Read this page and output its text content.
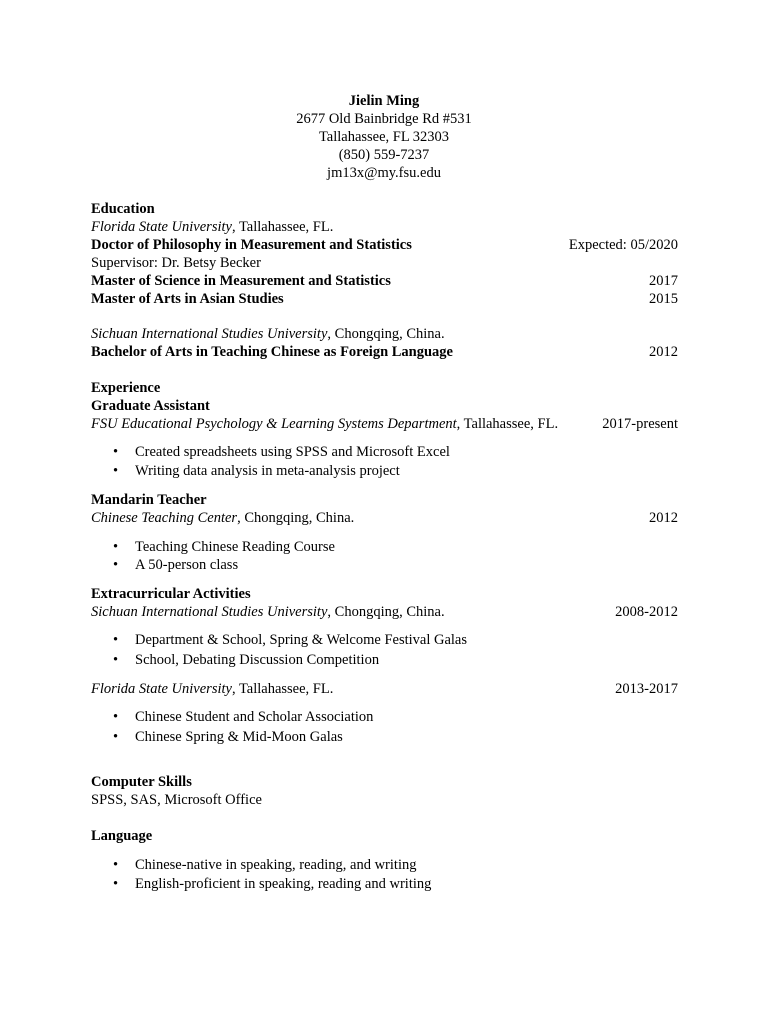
Jielin Ming
2677 Old Bainbridge Rd #531
Tallahassee, FL 32303
(850) 559-7237
jm13x@my.fsu.edu
Education
Florida State University, Tallahassee, FL.
Doctor of Philosophy in Measurement and Statistics	Expected: 05/2020
Supervisor: Dr. Betsy Becker
Master of Science in Measurement and Statistics	2017
Master of Arts in Asian Studies	2015
Sichuan International Studies University, Chongqing, China.
Bachelor of Arts in Teaching Chinese as Foreign Language	2012
Experience
Graduate Assistant
FSU Educational Psychology & Learning Systems Department, Tallahassee, FL.	2017-present
• Created spreadsheets using SPSS and Microsoft Excel
• Writing data analysis in meta-analysis project
Mandarin Teacher
Chinese Teaching Center, Chongqing, China.	2012
• Teaching Chinese Reading Course
• A 50-person class
Extracurricular Activities
Sichuan International Studies University, Chongqing, China.	2008-2012
• Department & School, Spring & Welcome Festival Galas
• School, Debating Discussion Competition
Florida State University, Tallahassee, FL.	2013-2017
• Chinese Student and Scholar Association
• Chinese Spring & Mid-Moon Galas
Computer Skills
SPSS, SAS, Microsoft Office
Language
• Chinese-native in speaking, reading, and writing
• English-proficient in speaking, reading and writing
